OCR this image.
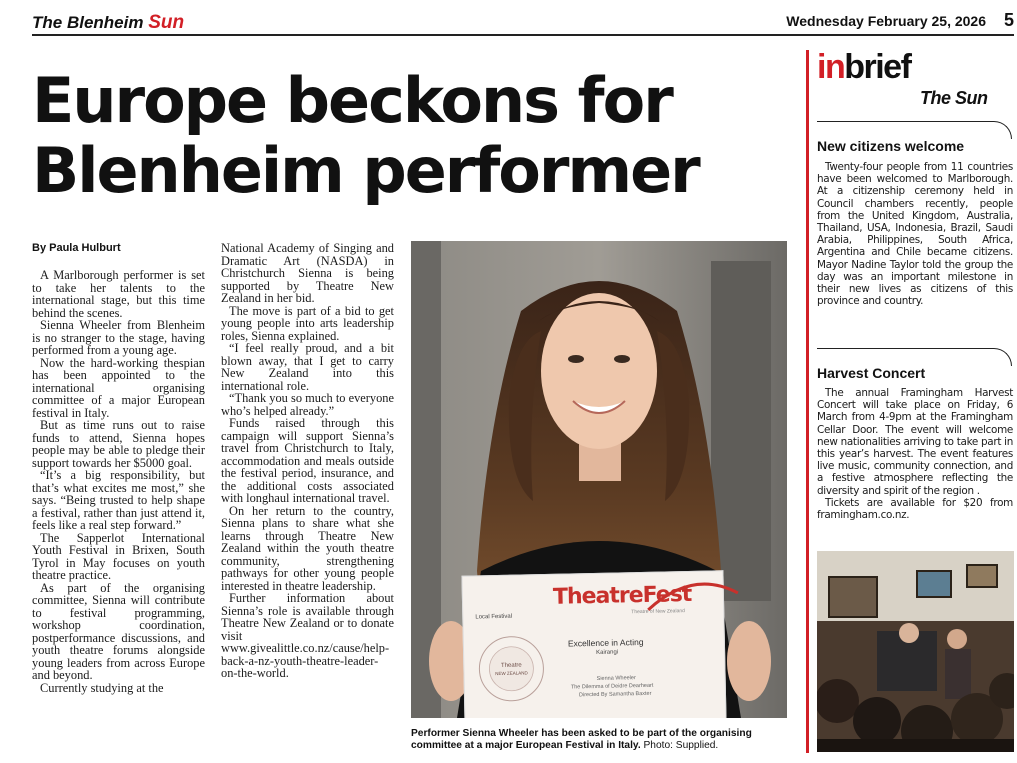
The Blenheim Sun	Wednesday February 25, 2026 5
Europe beckons for Blenheim performer
By Paula Hulburt

A Marlborough performer is set to take her talents to the international stage, but this time behind the scenes.

Sienna Wheeler from Blenheim is no stranger to the stage, having performed from a young age.

Now the hard-working thespian has been appointed to the international organising committee of a major European festival in Italy.

But as time runs out to raise funds to attend, Sienna hopes people may be able to pledge their support towards her $5000 goal.

“It’s a big responsibility, but that’s what excites me most,” she says. “Being trusted to help shape a festival, rather than just attend it, feels like a real step forward.”

The Sapperlot International Youth Festival in Brixen, South Tyrol in May focuses on youth theatre practice.

As part of the organising committee, Sienna will contribute to festival programming, workshop coordination, postperformance discussions, and youth theatre forums alongside young leaders from across Europe and beyond.

Currently studying at the

National Academy of Singing and Dramatic Art (NASDA) in Christchurch Sienna is being supported by Theatre New Zealand in her bid.

The move is part of a bid to get young people into arts leadership roles, Sienna explained.

“I feel really proud, and a bit blown away, that I get to carry New Zealand into this international role.

“Thank you so much to everyone who’s helped already.”

Funds raised through this campaign will support Sienna’s travel from Christchurch to Italy, accommodation and meals outside the festival period, insurance, and the additional costs associated with longhaul international travel.

On her return to the country, Sienna plans to share what she learns through Theatre New Zealand within the youth theatre community, strengthening pathways for other young people interested in theatre leadership.

Further information about Sienna’s role is available through Theatre New Zealand or to donate visit www.givealittle.co.nz/cause/help-back-a-nz-youth-theatre-leader-on-the-world.

Local Festival
TheatreFest
Theatre of New Zealand
Excellence in Acting
Kairangi
Sienna Wheeler
The Dilemma of Deidre Dearheart
Directed By Samantha Baxter
Theatre
NEW ZEALAND
Performer Sienna Wheeler has been asked to be part of the organising committee at a major European Festival in Italy. Photo: Supplied.
inbrief
The Sun
New citizens welcome

Twenty-four people from 11 countries have been welcomed to Marlborough. At a citizenship ceremony held in Council chambers recently, people from the United Kingdom, Australia, Thailand, USA, Indonesia, Brazil, Saudi Arabia, Philippines, South Africa, Argentina and Chile became citizens. Mayor Nadine Taylor told the group the day was an important milestone in their new lives as citizens of this province and country.

Harvest Concert

The annual Framingham Harvest Concert will take place on Friday, 6 March from 4-9pm at the Framingham Cellar Door. The event will welcome new nationalities arriving to take part in this year’s harvest. The event features live music, community connection, and a festive atmosphere reflecting the diversity and spirit of the region .

Tickets are available for $20 from framingham.co.nz.
